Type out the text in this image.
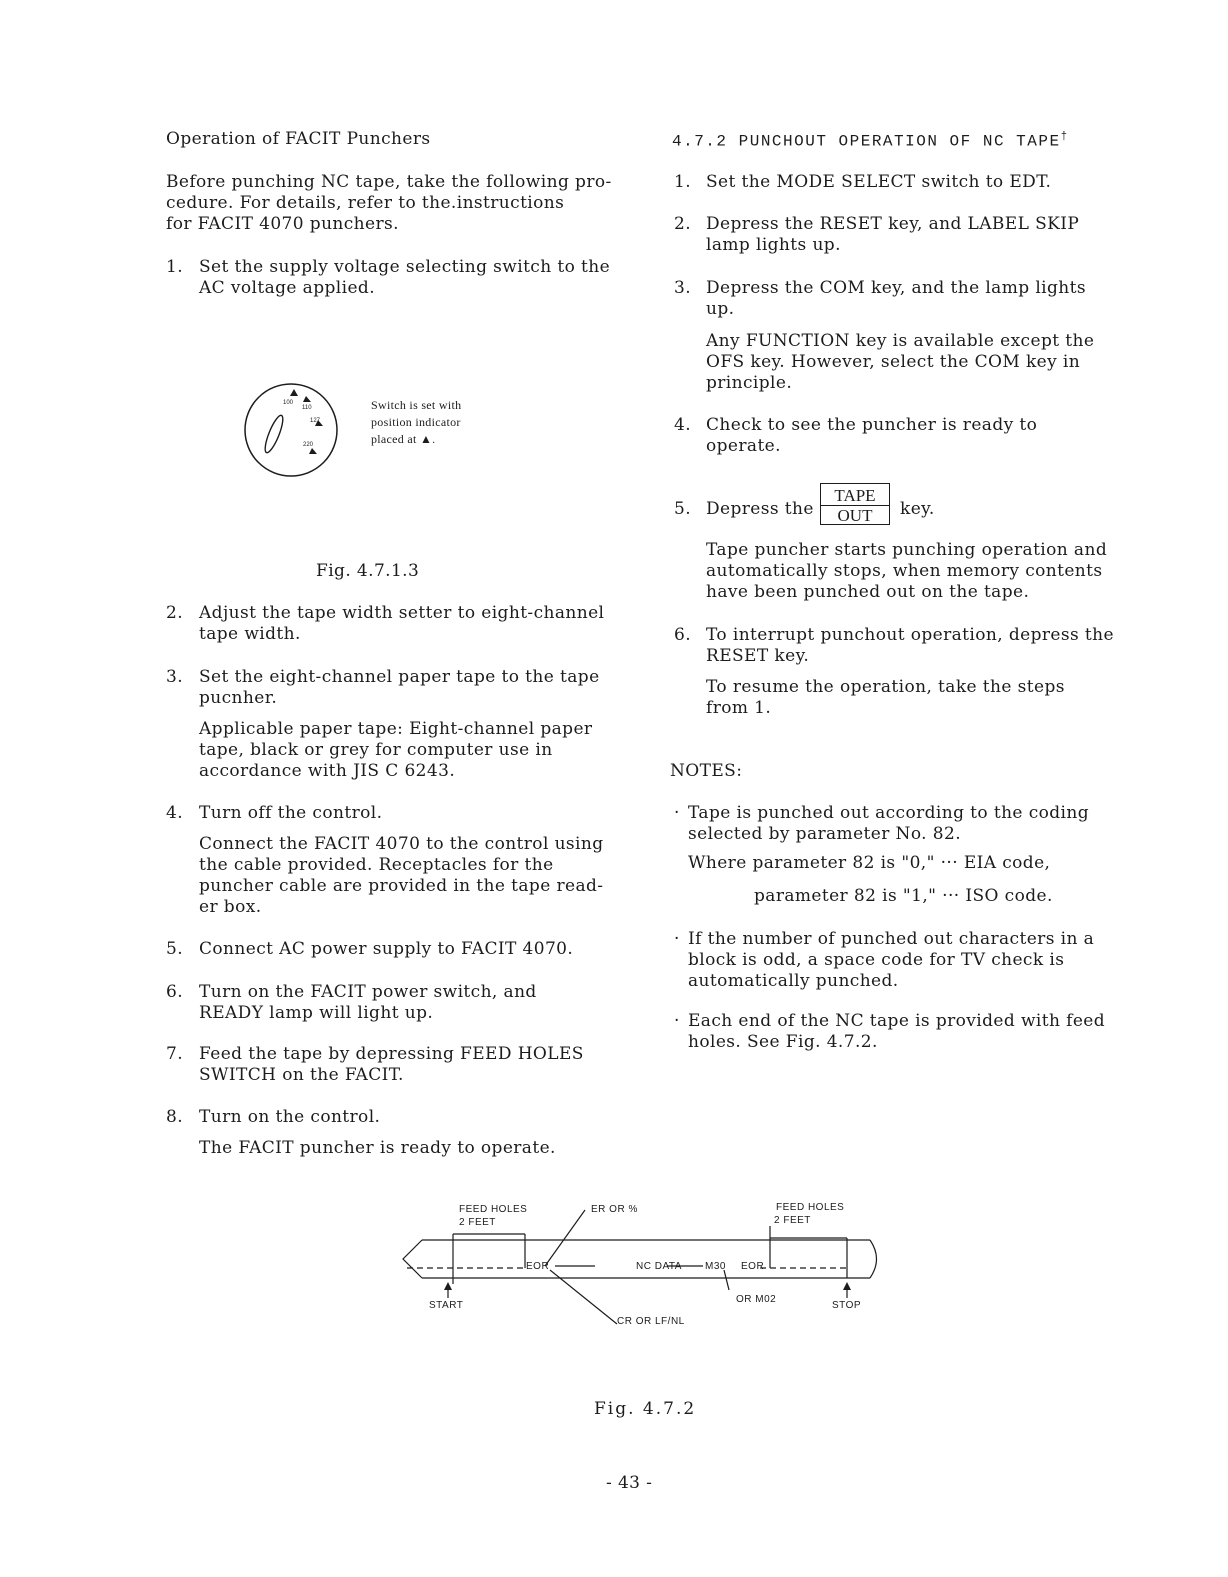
Operation of FACIT Punchers
Before punching NC tape, take the following pro-
cedure. For details, refer to the.instructions
for FACIT 4070 punchers.
1. Set the supply voltage selecting switch to the
AC voltage applied.
100
110
127
220
Switch is set with
position indicator
placed at ▲.
Fig. 4.7.1.3
2. Adjust the tape width setter to eight-channel
tape width.
3. Set the eight-channel paper tape to the tape
pucnher.
Applicable paper tape: Eight-channel paper
tape, black or grey for computer use in
accordance with JIS C 6243.
4. Turn off the control.
Connect the FACIT 4070 to the control using
the cable provided. Receptacles for the
puncher cable are provided in the tape read-
er box.
5. Connect AC power supply to FACIT 4070.
6. Turn on the FACIT power switch, and
READY lamp will light up.
7. Feed the tape by depressing FEED HOLES
SWITCH on the FACIT.
8. Turn on the control.
The FACIT puncher is ready to operate.
4.7.2 PUNCHOUT OPERATION OF NC TAPE†
1. Set the MODE SELECT switch to EDT.
2. Depress the RESET key, and LABEL SKIP
lamp lights up.
3. Depress the COM key, and the lamp lights
up.
Any FUNCTION key is available except the
OFS key. However, select the COM key in
principle.
4. Check to see the puncher is ready to
operate.
5. Depress the
TAPE
OUT	key.
Tape puncher starts punching operation and
automatically stops, when memory contents
have been punched out on the tape.
6. To interrupt punchout operation, depress the
RESET key.
To resume the operation, take the steps
from 1.
NOTES:
· Tape is punched out according to the coding
selected by parameter No. 82.
Where parameter 82 is "0," ··· EIA code,
parameter 82 is "1," ··· ISO code.
· If the number of punched out characters in a
block is odd, a space code for TV check is
automatically punched.
· Each end of the NC tape is provided with feed
holes. See Fig. 4.7.2.
FEED HOLES
2 FEET
ER OR %	FEED HOLES
2 FEET
EOR	NC DATA M30 EOR
OR M02
START	STOP
CR OR LF/NL
Fig. 4.7.2
- 43 -
